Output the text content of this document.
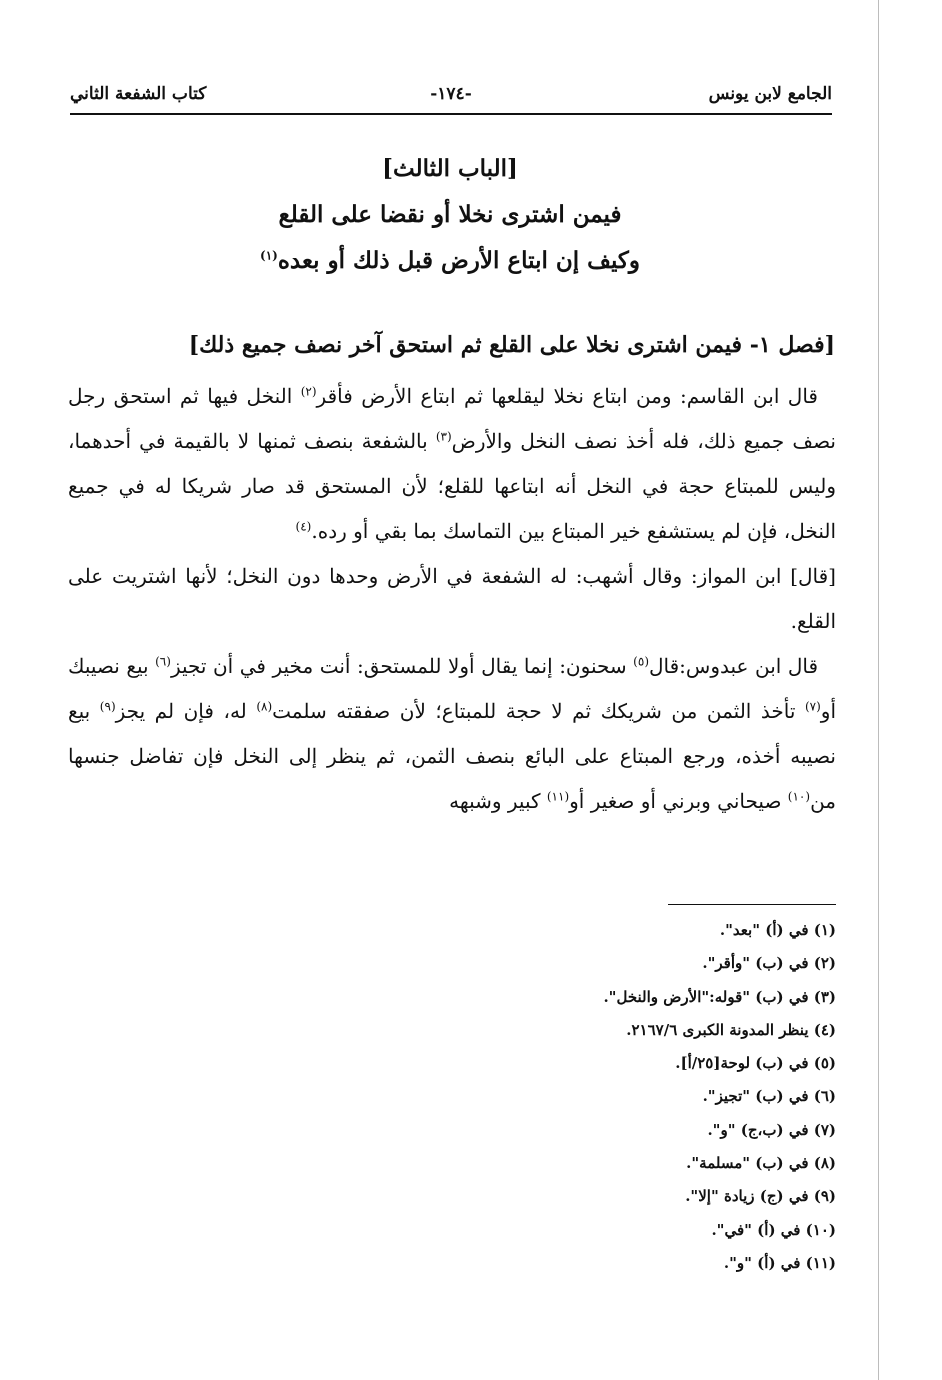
الجامع لابن يونس
-١٧٤-
كتاب الشفعة الثاني
[الباب الثالث]
فيمن اشترى نخلا أو نقضا على القلع
وكيف إن ابتاع الأرض قبل ذلك أو بعده$^{(١)}$
[فصل ١- فيمن اشترى نخلا على القلع ثم استحق آخر نصف جميع ذلك]

قال ابن القاسم: ومن ابتاع نخلا ليقلعها ثم ابتاع الأرض فأقر$^{(٢)}$ النخل فيها ثم استحق رجل نصف جميع ذلك، فله أخذ نصف النخل والأرض$^{(٣)}$ بالشفعة بنصف ثمنها لا بالقيمة في أحدهما، وليس للمبتاع حجة في النخل أنه ابتاعها للقلع؛ لأن المستحق قد صار شريكا له في جميع النخل، فإن لم يستشفع خير المبتاع بين التماسك بما بقي أو رده.$^{(٤)}$

[قال] ابن المواز: وقال أشهب: له الشفعة في الأرض وحدها دون النخل؛ لأنها اشتريت على القلع.

قال ابن عبدوس:قال$^{(٥)}$ سحنون: إنما يقال أولا للمستحق: أنت مخير في أن تجيز$^{(٦)}$ بيع نصيبك أو$^{(٧)}$ تأخذ الثمن من شريكك ثم لا حجة للمبتاع؛ لأن صفقته سلمت$^{(٨)}$ له، فإن لم يجز$^{(٩)}$ بيع نصيبه أخذه، ورجع المبتاع على البائع بنصف الثمن، ثم ينظر إلى النخل فإن تفاضل جنسها من$^{(١٠)}$ صيحاني وبرني أو صغير أو$^{(١١)}$ كبير وشبهه

(١) في (أ) "بعد".
(٢) في (ب) "وأقر".
(٣) في (ب) "قوله:"الأرض والنخل".
(٤) ينظر المدونة الكبرى ٢١٦٧/٦.
(٥) في (ب) لوحة[٢٥/أ].
(٦) في (ب) "تجيز".
(٧) في (ب،ج) "و".
(٨) في (ب) "مسلمة".
(٩) في (ج) زيادة "إلا".
(١٠) في (أ) "في".
(١١) في (أ) "و".
